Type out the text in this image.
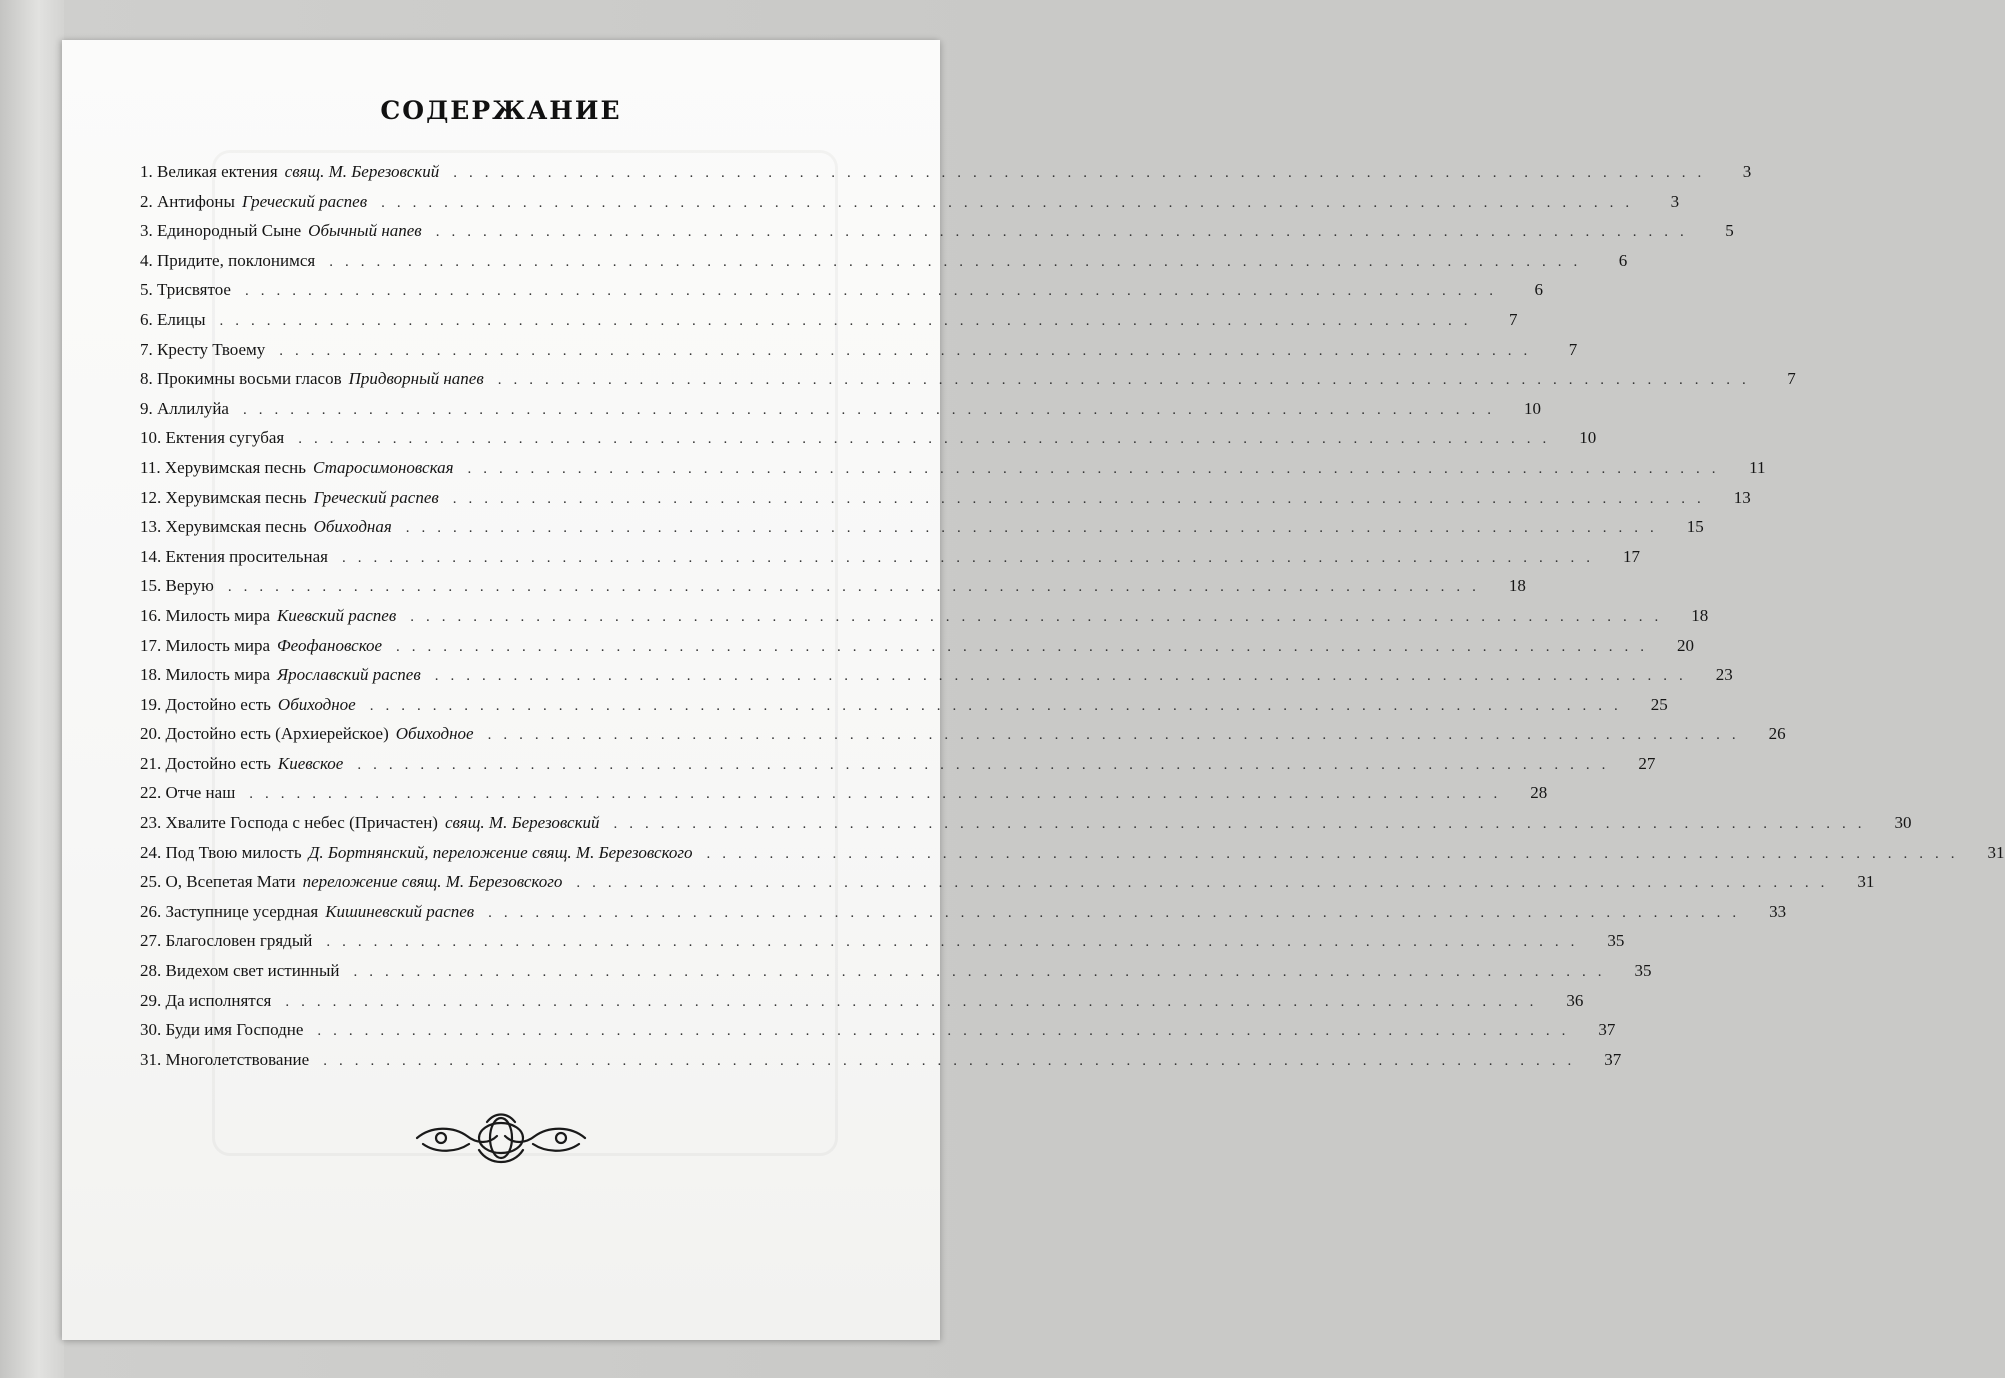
СОДЕРЖАНИЕ
1. Великая ектения свящ. М. Березовский ................................................................................	3
2. Антифоны Греческий распев ................................................................................	3
3. Единородный Сыне Обычный напев ................................................................................	5
4. Придите, поклонимся ................................................................................	6
5. Трисвятое ................................................................................	6
6. Елицы ................................................................................	7
7. Кресту Твоему ................................................................................	7
8. Прокимны восьми гласов Придворный напев ................................................................................	7
9. Аллилуйа ................................................................................	10
10. Ектения сугубая ................................................................................	10
11. Херувимская песнь Старосимоновская ................................................................................	11
12. Херувимская песнь Греческий распев ................................................................................	13
13. Херувимская песнь Обиходная ................................................................................	15
14. Ектения просительная ................................................................................	17
15. Верую ................................................................................	18
16. Милость мира Киевский распев ................................................................................	18
17. Милость мира Феофановское ................................................................................	20
18. Милость мира Ярославский распев ................................................................................	23
19. Достойно есть Обиходное ................................................................................	25
20. Достойно есть (Архиерейское) Обиходное ................................................................................	26
21. Достойно есть Киевское ................................................................................	27
22. Отче наш ................................................................................	28
23. Хвалите Господа с небес (Причастен) свящ. М. Березовский ................................................................................	30
24. Под Твою милость Д. Бортнянский, переложение свящ. М. Березовского ................................................................................	31
25. О, Всепетая Мати переложение свящ. М. Березовского ................................................................................	31
26. Заступнице усердная Кишиневский распев ................................................................................	33
27. Благословен грядый ................................................................................	35
28. Видехом свет истинный ................................................................................	35
29. Да исполнятся ................................................................................	36
30. Буди имя Господне ................................................................................	37
31. Многолетствование ................................................................................	37
